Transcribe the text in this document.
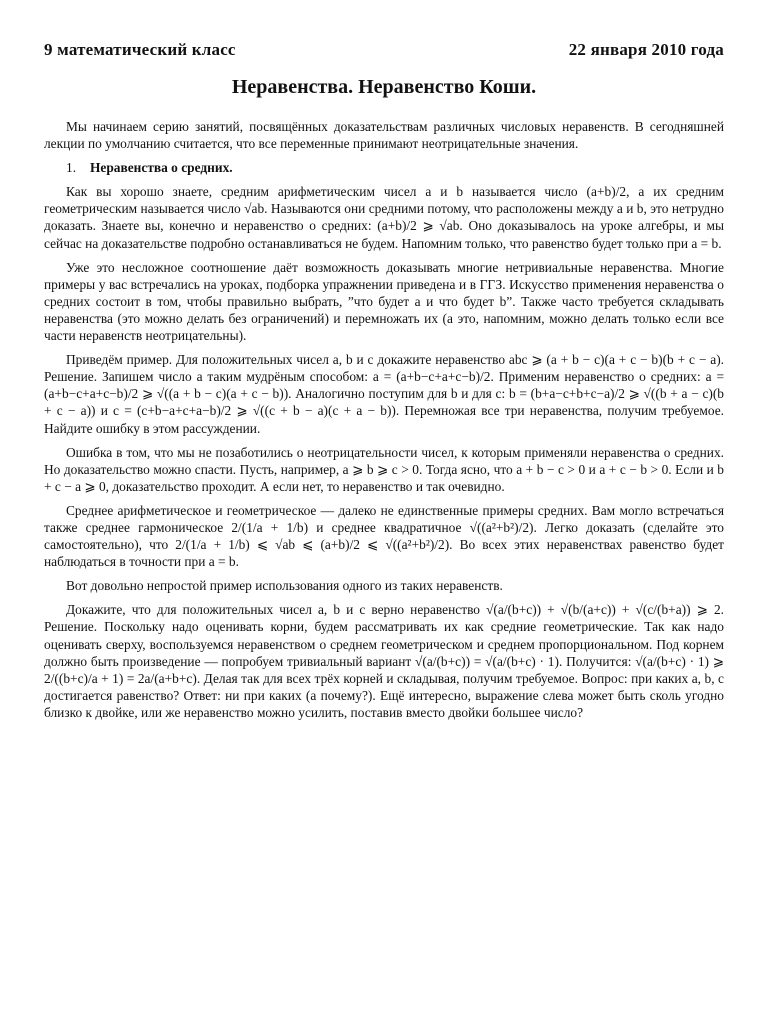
9 математический класс	22 января 2010 года
Неравенства. Неравенство Коши.

Мы начинаем серию занятий, посвящённых доказательствам различных числовых неравенств. В сегодняшней лекции по умолчанию считается, что все переменные принимают неотрицательные значения.

1. Неравенства о средних.

Как вы хорошо знаете, средним арифметическим чисел a и b называется число (a+b)/2, а их средним геометрическим называется число √ab. Называются они средними потому, что расположены между a и b, это нетрудно доказать. Знаете вы, конечно и неравенство о средних: (a+b)/2 ⩾ √ab. Оно доказывалось на уроке алгебры, и мы сейчас на доказательстве подробно останавливаться не будем. Напомним только, что равенство будет только при a = b.

Уже это несложное соотношение даёт возможность доказывать многие нетривиальные неравенства. Многие примеры у вас встречались на уроках, подборка упражнении приведена и в ГГЗ. Искусство применения неравенства о средних состоит в том, чтобы правильно выбрать, ”что будет a и что будет b”. Также часто требуется складывать неравенства (это можно делать без ограничений) и перемножать их (а это, напомним, можно делать только если все части неравенств неотрицательны).

Приведём пример. Для положительных чисел a, b и c докажите неравенство abc ⩾ (a + b − c)(a + c − b)(b + c − a). Решение. Запишем число a таким мудрёным способом: a = (a+b−c+a+c−b)/2. Применим неравенство о средних: a = (a+b−c+a+c−b)/2 ⩾ √((a + b − c)(a + c − b)). Аналогично поступим для b и для c: b = (b+a−c+b+c−a)/2 ⩾ √((b + a − c)(b + c − a)) и c = (c+b−a+c+a−b)/2 ⩾ √((c + b − a)(c + a − b)). Перемножая все три неравенства, получим требуемое. Найдите ошибку в этом рассуждении.

Ошибка в том, что мы не позаботились о неотрицательности чисел, к которым применяли неравенства о средних. Но доказательство можно спасти. Пусть, например, a ⩾ b ⩾ c > 0. Тогда ясно, что a + b − c > 0 и a + c − b > 0. Если и b + c − a ⩾ 0, доказательство проходит. А если нет, то неравенство и так очевидно.

Среднее арифметическое и геометрическое — далеко не единственные примеры средних. Вам могло встречаться также среднее гармоническое 2/(1/a + 1/b) и среднее квадратичное √((a²+b²)/2). Легко доказать (сделайте это самостоятельно), что 2/(1/a + 1/b) ⩽ √ab ⩽ (a+b)/2 ⩽ √((a²+b²)/2). Во всех этих неравенствах равенство будет наблюдаться в точности при a = b.

Вот довольно непростой пример использования одного из таких неравенств.

Докажите, что для положительных чисел a, b и c верно неравенство √(a/(b+c)) + √(b/(a+c)) + √(c/(b+a)) ⩾ 2. Решение. Поскольку надо оценивать корни, будем рассматривать их как средние геометрические. Так как надо оценивать сверху, воспользуемся неравенством о среднем геометрическом и среднем пропорциональном. Под корнем должно быть произведение — попробуем тривиальный вариант √(a/(b+c)) = √(a/(b+c) · 1). Получится: √(a/(b+c) · 1) ⩾ 2/((b+c)/a + 1) = 2a/(a+b+c). Делая так для всех трёх корней и складывая, получим требуемое. Вопрос: при каких a, b, c достигается равенство? Ответ: ни при каких (а почему?). Ещё интересно, выражение слева может быть сколь угодно близко к двойке, или же неравенство можно усилить, поставив вместо двойки большее число?
